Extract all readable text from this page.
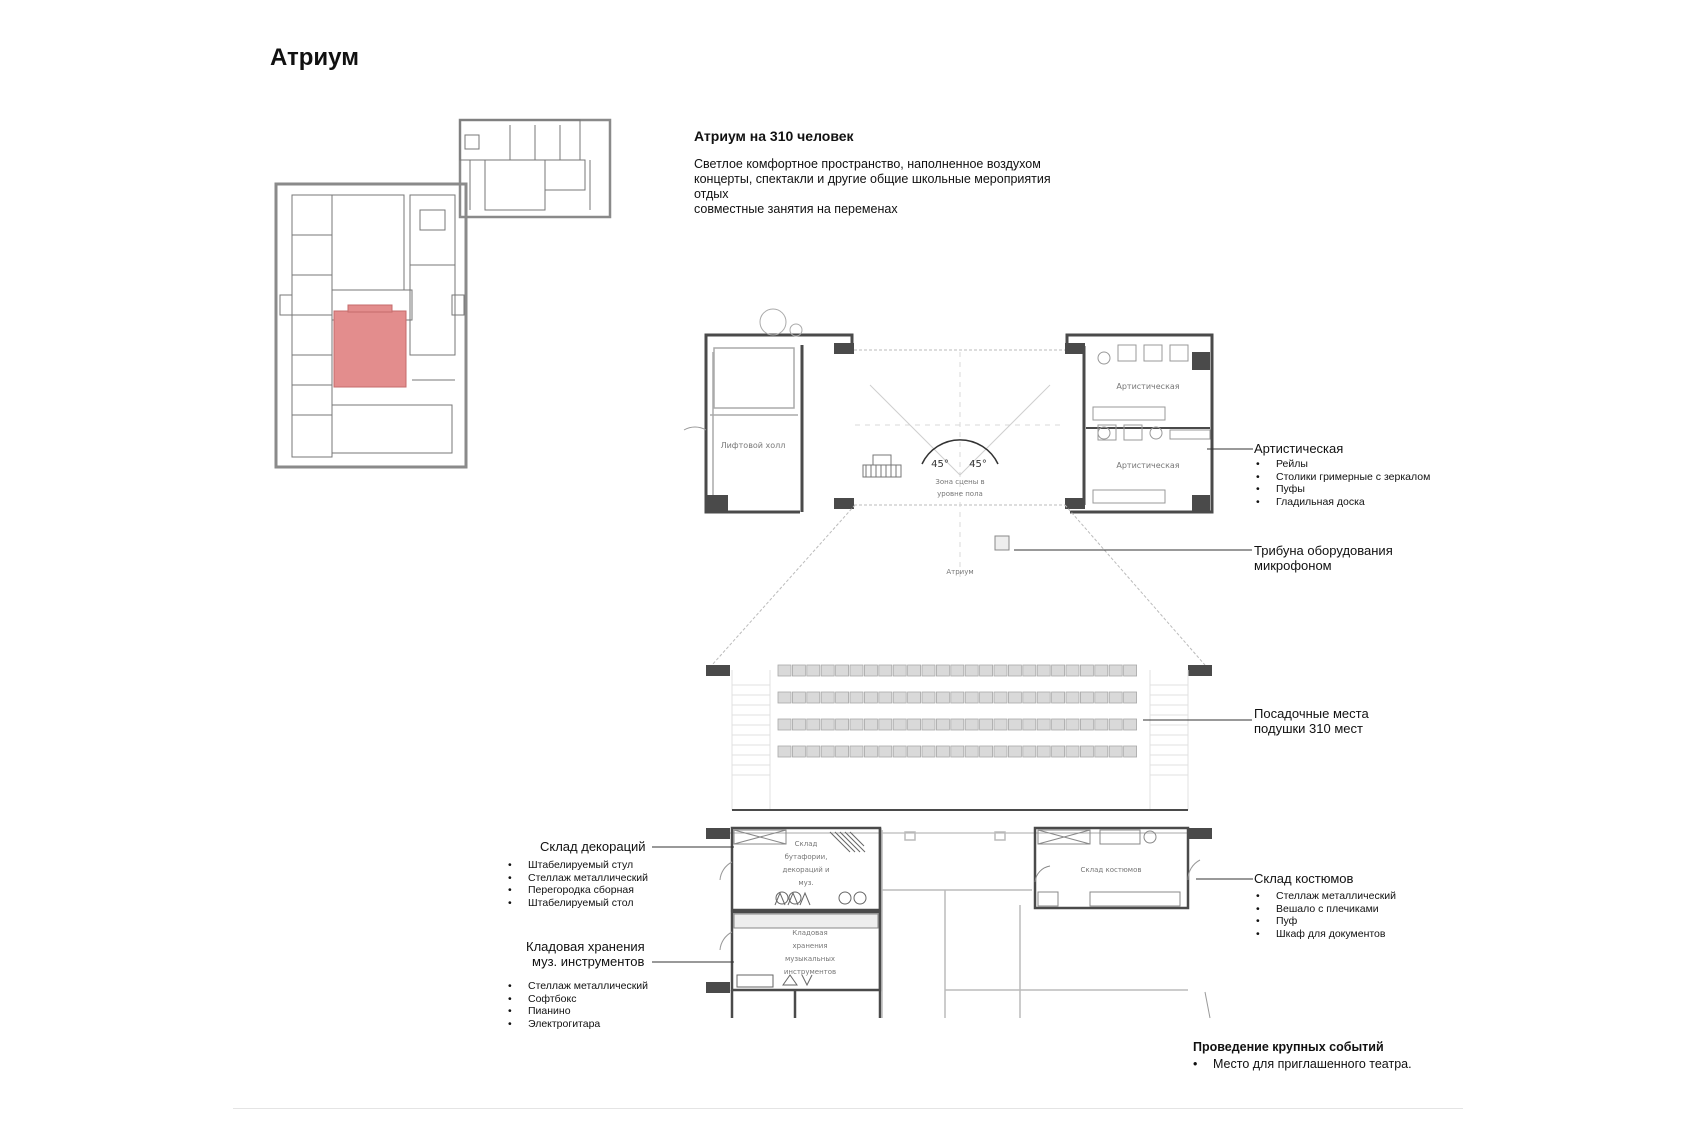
Атриум
Атриум на 310 человек
Светлое комфортное пространство, наполненное воздухом
концерты, спектакли и другие общие школьные мероприятия
отдых
совместные занятия на переменах
Лифтовой холл
Артистическая
Артистическая
45° 45°
Зона сцены в
уровне пола
Атриум
Склад
бутафории,
декораций и
муз.
Кладовая
хранения
музыкальных
инструментов
Склад костюмов
Артистическая
• Рейлы
• Столики гримерные с зеркалом
• Пуфы
• Гладильная доска
Трибуна оборудования
микрофоном
Посадочные места
подушки 310 мест
Склад декораций
• Штабелируемый стул
• Стеллаж металлический
• Перегородка сборная
• Штабелируемый стол
Кладовая хранения
муз. инструментов
• Стеллаж металлический
• Софтбокс
• Пианино
• Электрогитара
Склад костюмов
• Стеллаж металлический
• Вешало с плечиками
• Пуф
• Шкаф для документов
Проведение крупных событий
• Место для приглашенного театра.
